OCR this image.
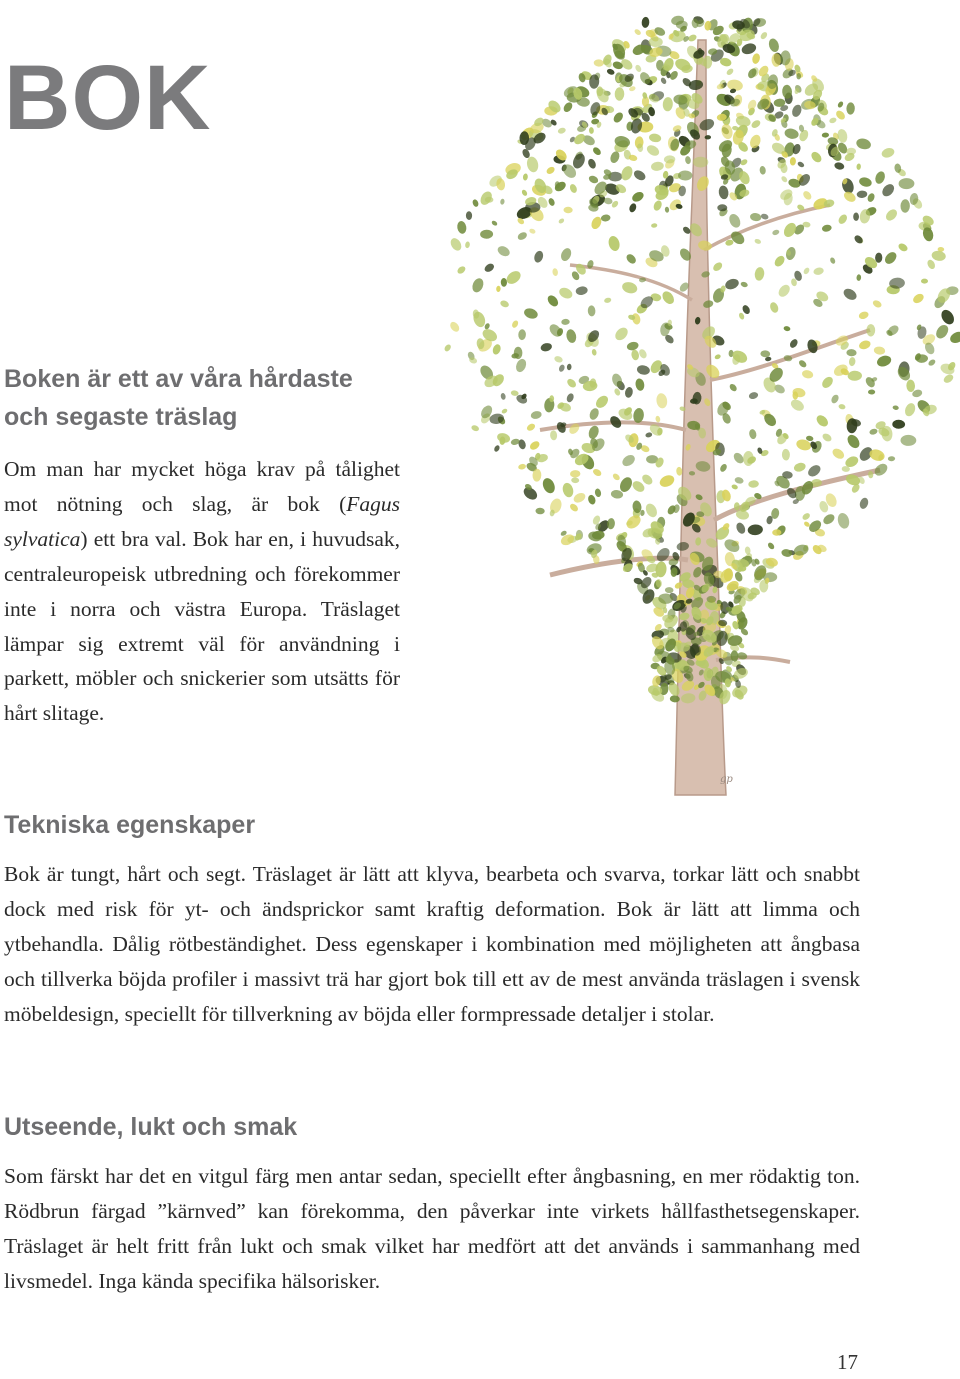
BOK
gp
Boken är ett av våra hårdaste
och segaste träslag

Om man har mycket höga krav på tålighet mot nötning och slag, är bok (Fagus sylvatica) ett bra val. Bok har en, i huvudsak, centraleuropeisk utbredning och förekommer inte i norra och västra Europa. Träslaget lämpar sig extremt väl för användning i parkett, möbler och snickerier som utsätts för hårt slitage.

Tekniska egenskaper

Bok är tungt, hårt och segt. Träslaget är lätt att klyva, bearbeta och svarva, torkar lätt och snabbt dock med risk för yt- och ändsprickor samt kraftig deformation. Bok är lätt att limma och ytbehandla. Dålig rötbeständighet. Dess egenskaper i kombination med möjligheten att ångbasa och tillverka böjda profiler i massivt trä har gjort bok till ett av de mest använda träslagen i svensk möbeldesign, speciellt för tillverkning av böjda eller formpressade detaljer i stolar.

Utseende, lukt och smak

Som färskt har det en vitgul färg men antar sedan, speciellt efter ångbasning, en mer rödaktig ton. Rödbrun färgad ”kärnved” kan förekomma, den påverkar inte virkets hållfasthetsegenskaper. Träslaget är helt fritt från lukt och smak vilket har medfört att det används i sammanhang med livsmedel. Inga kända specifika hälsorisker.

17
